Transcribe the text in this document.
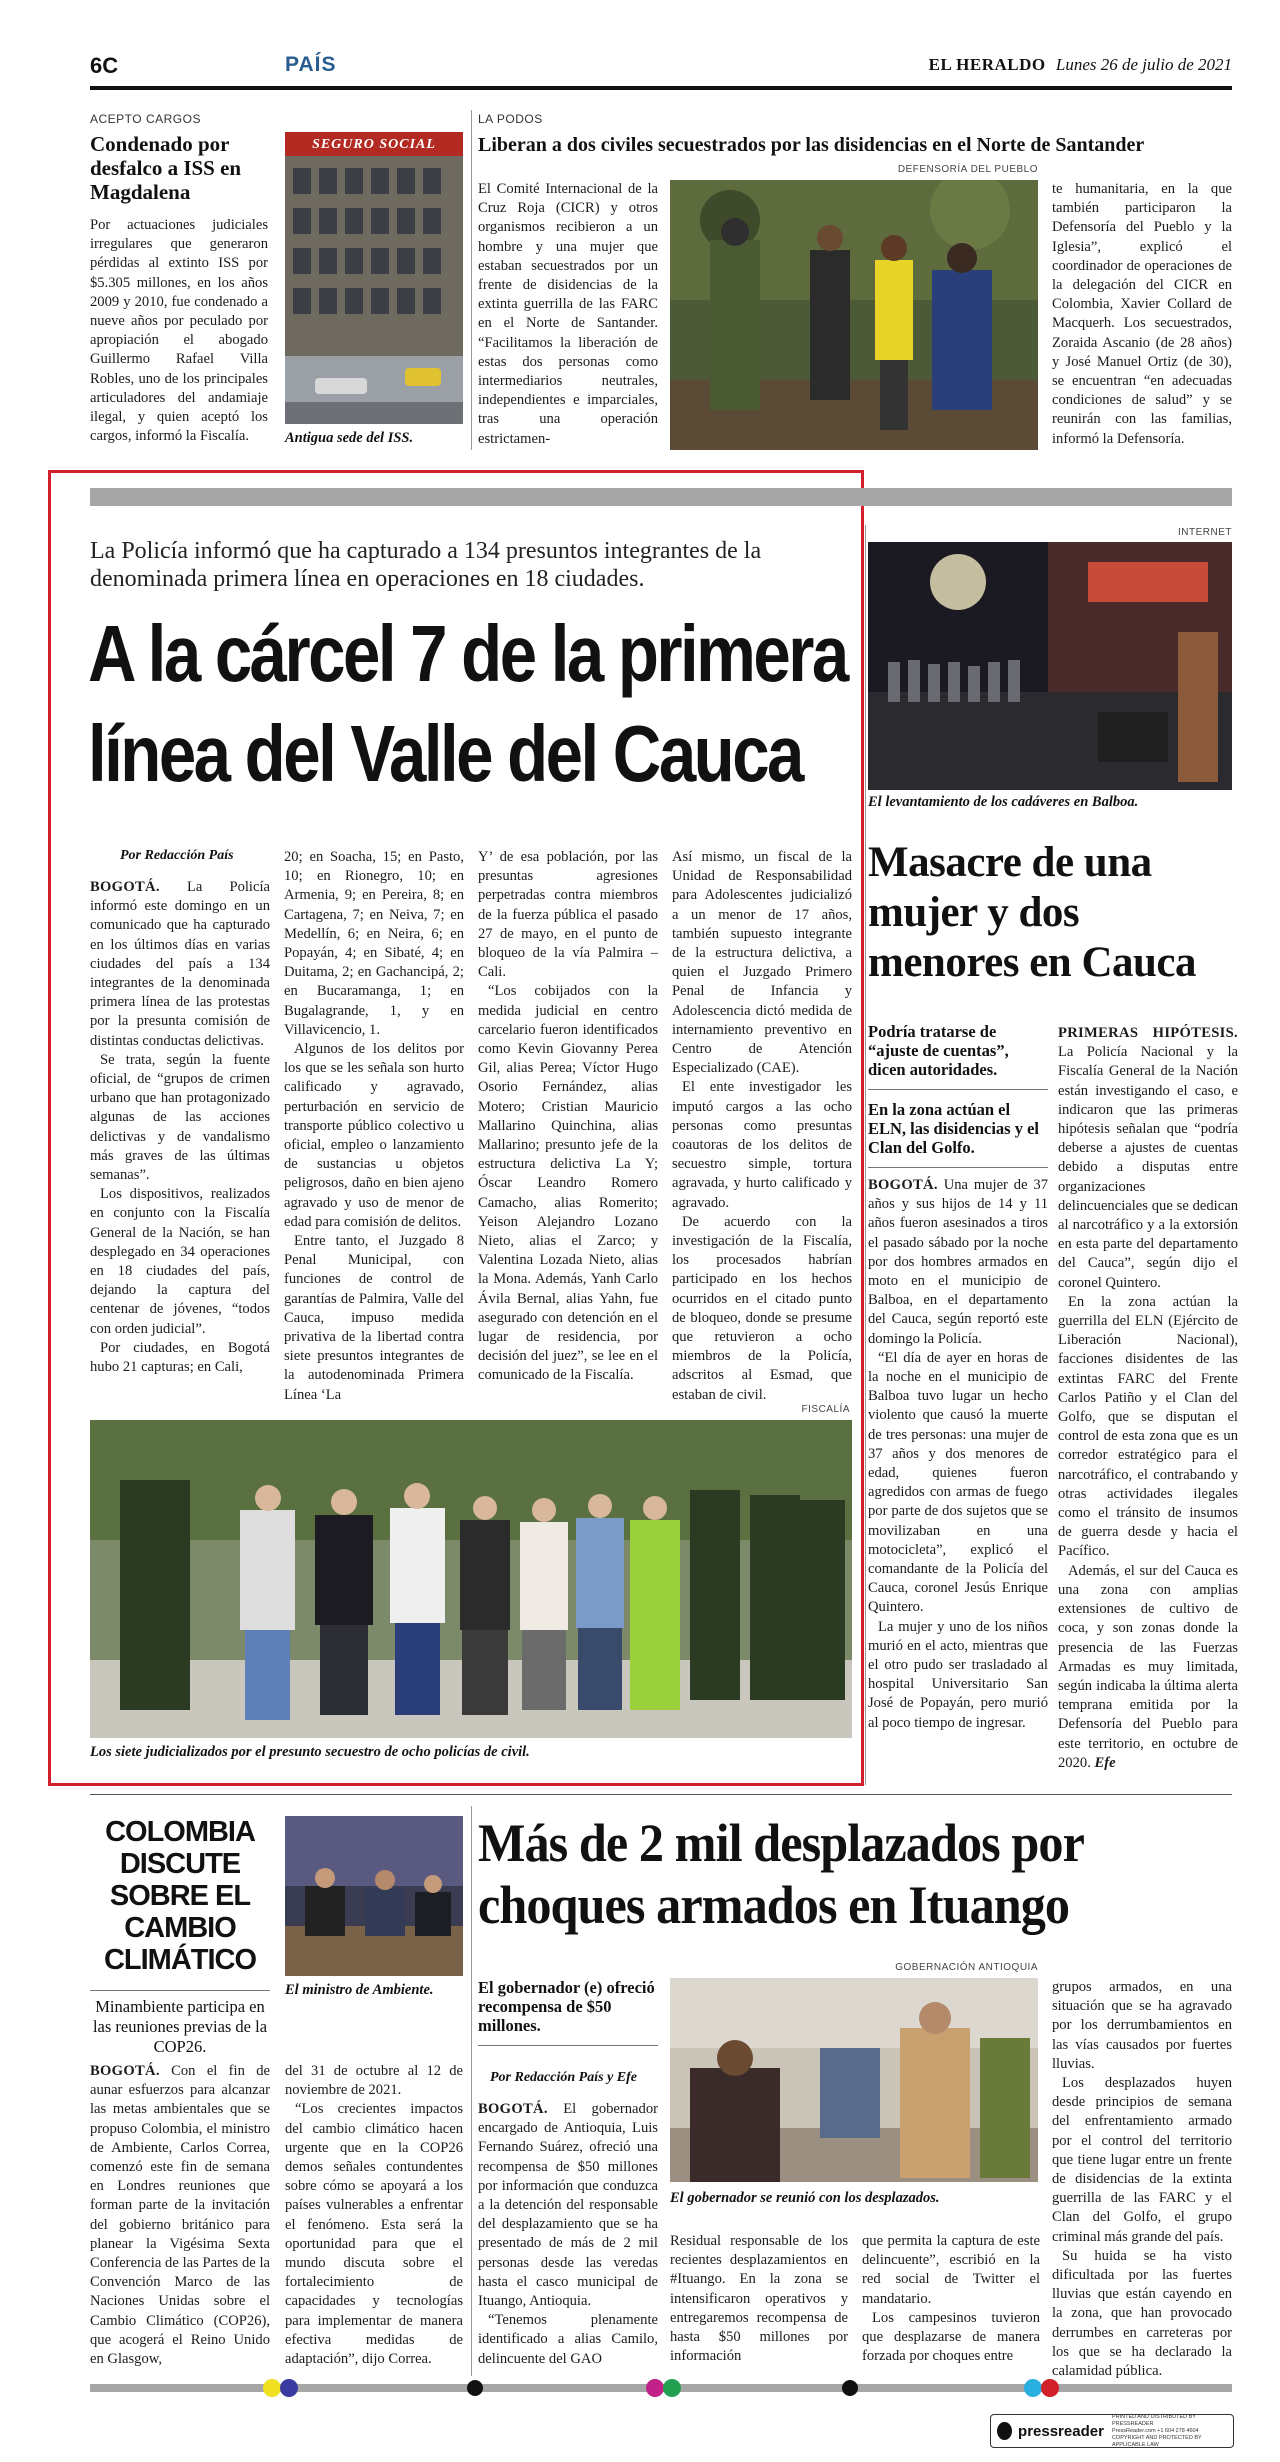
6C	PAÍS	EL HERALDO Lunes 26 de julio de 2021
ACEPTO CARGOS
Condenado por desfalco a ISS en Magdalena
Por actuaciones judiciales irregulares que generaron pérdidas al extinto ISS por $5.305 millones, en los años 2009 y 2010, fue condenado a nueve años por peculado por apropiación el abogado Guillermo Rafael Villa Robles, uno de los principales articuladores del andamiaje ilegal, y quien aceptó los cargos, informó la Fiscalía.
SEGURO SOCIAL
Antigua sede del ISS.
LA PODOS
Liberan a dos civiles secuestrados por las disidencias en el Norte de Santander
DEFENSORÍA DEL PUEBLO
El Comité Internacional de la Cruz Roja (CICR) y otros organismos recibieron a un hombre y una mujer que estaban secuestrados por un frente de disidencias de la extinta guerrilla de las FARC en el Norte de Santander. “Facilitamos la liberación de estas dos personas como intermediarios neutrales, independientes e imparciales, tras una operación estrictamen-
te humanitaria, en la que también participaron la Defensoría del Pueblo y la Iglesia”, explicó el coordinador de operaciones de la delegación del CICR en Colombia, Xavier Collard de Macquerh. Los secuestrados, Zoraida Ascanio (de 28 años) y José Manuel Ortiz (de 30), se encuentran “en adecuadas condiciones de salud” y se reunirán con las familias, informó la Defensoría.
La Policía informó que ha capturado a 134 presuntos integrantes de la denominada primera línea en operaciones en 18 ciudades.
A la cárcel 7 de la primera
línea del Valle del Cauca
Por Redacción País

BOGOTÁ. La Policía informó este domingo en un comunicado que ha capturado en los últimos días en varias ciudades del país a 134 integrantes de la denominada primera línea de las protestas por la presunta comisión de distintas conductas delictivas.

Se trata, según la fuente oficial, de “grupos de crimen urbano que han protagonizado algunas de las acciones delictivas y de vandalismo más graves de las últimas semanas”.

Los dispositivos, realizados en conjunto con la Fiscalía General de la Nación, se han desplegado en 34 operaciones en 18 ciudades del país, dejando la captura del centenar de jóvenes, “todos con orden judicial”.

Por ciudades, en Bogotá hubo 21 capturas; en Cali,

20; en Soacha, 15; en Pasto, 10; en Rionegro, 10; en Armenia, 9; en Pereira, 8; en Cartagena, 7; en Neiva, 7; en Medellín, 6; en Neira, 6; en Popayán, 4; en Sibaté, 4; en Duitama, 2; en Gachancipá, 2; en Bucaramanga, 1; en Bugalagrande, 1, y en Villavicencio, 1.

Algunos de los delitos por los que se les señala son hurto calificado y agravado, perturbación en servicio de transporte público colectivo u oficial, empleo o lanzamiento de sustancias u objetos peligrosos, daño en bien ajeno agravado y uso de menor de edad para comisión de delitos.

Entre tanto, el Juzgado 8 Penal Municipal, con funciones de control de garantías de Palmira, Valle del Cauca, impuso medida privativa de la libertad contra siete presuntos integrantes de la autodenominada Primera Línea ‘La

Y’ de esa población, por las presuntas agresiones perpetradas contra miembros de la fuerza pública el pasado 27 de mayo, en el punto de bloqueo de la vía Palmira – Cali.

“Los cobijados con la medida judicial en centro carcelario fueron identificados como Kevin Giovanny Perea Gil, alias Perea; Víctor Hugo Osorio Fernández, alias Motero; Cristian Mauricio Mallarino Quinchina, alias Mallarino; presunto jefe de la estructura delictiva La Y; Óscar Leandro Romero Camacho, alias Romerito; Yeison Alejandro Lozano Nieto, alias el Zarco; y Valentina Lozada Nieto, alias la Mona. Además, Yanh Carlo Ávila Bernal, alias Yahn, fue asegurado con detención en el lugar de residencia, por decisión del juez”, se lee en el comunicado de la Fiscalía.

Así mismo, un fiscal de la Unidad de Responsabilidad para Adolescentes judicializó a un menor de 17 años, también supuesto integrante de la estructura delictiva, a quien el Juzgado Primero Penal de Infancia y Adolescencia dictó medida de internamiento preventivo en Centro de Atención Especializado (CAE).

El ente investigador les imputó cargos a las ocho personas como presuntas coautoras de los delitos de secuestro simple, tortura agravada, y hurto calificado y agravado.

De acuerdo con la investigación de la Fiscalía, los procesados habrían participado en los hechos ocurridos en el citado punto de bloqueo, donde se presume que retuvieron a ocho miembros de la Policía, adscritos al Esmad, que estaban de civil.

FISCALÍA
Los siete judicializados por el presunto secuestro de ocho policías de civil.
INTERNET
El levantamiento de los cadáveres en Balboa.
Masacre de una mujer y dos menores en Cauca
Podría tratarse de “ajuste de cuentas”, dicen autoridades.
En la zona actúan el ELN, las disidencias y el Clan del Golfo.

BOGOTÁ. Una mujer de 37 años y sus hijos de 14 y 11 años fueron asesinados a tiros el pasado sábado por la noche por dos hombres armados en moto en el municipio de Balboa, en el departamento del Cauca, según reportó este domingo la Policía.

“El día de ayer en horas de la noche en el municipio de Balboa tuvo lugar un hecho violento que causó la muerte de tres personas: una mujer de 37 años y dos menores de edad, quienes fueron agredidos con armas de fuego por parte de dos sujetos que se movilizaban en una motocicleta”, explicó el comandante de la Policía del Cauca, coronel Jesús Enrique Quintero.

La mujer y uno de los niños murió en el acto, mientras que el otro pudo ser trasladado al hospital Universitario San José de Popayán, pero murió al poco tiempo de ingresar.

PRIMERAS HIPÓTESIS. La Policía Nacional y la Fiscalía General de la Nación están investigando el caso, e indicaron que las primeras hipótesis señalan que “podría deberse a ajustes de cuentas debido a disputas entre organizaciones delincuenciales que se dedican al narcotráfico y a la extorsión en esta parte del departamento del Cauca”, según dijo el coronel Quintero.

En la zona actúan la guerrilla del ELN (Ejército de Liberación Nacional), facciones disidentes de las extintas FARC del Frente Carlos Patiño y el Clan del Golfo, que se disputan el control de esta zona que es un corredor estratégico para el narcotráfico, el contrabando y otras actividades ilegales como el tránsito de insumos de guerra desde y hacia el Pacífico.

Además, el sur del Cauca es una zona con amplias extensiones de cultivo de coca, y son zonas donde la presencia de las Fuerzas Armadas es muy limitada, según indicaba la última alerta temprana emitida por la Defensoría del Pueblo para este territorio, en octubre de 2020. Efe

COLOMBIA DISCUTE SOBRE EL CAMBIO CLIMÁTICO
Minambiente participa en las reuniones previas de la COP26.
El ministro de Ambiente.

BOGOTÁ. Con el fin de aunar esfuerzos para alcanzar las metas ambientales que se propuso Colombia, el ministro de Ambiente, Carlos Correa, comenzó este fin de semana en Londres reuniones que forman parte de la invitación del gobierno británico para planear la Vigésima Sexta Conferencia de las Partes de la Convención Marco de las Naciones Unidas sobre el Cambio Climático (COP26), que acogerá el Reino Unido en Glasgow,

del 31 de octubre al 12 de noviembre de 2021.

“Los crecientes impactos del cambio climático hacen urgente que en la COP26 demos señales contundentes sobre cómo se apoyará a los países vulnerables a enfrentar el fenómeno. Esta será la oportunidad para que el mundo discuta sobre el fortalecimiento de capacidades y tecnologías para implementar de manera efectiva medidas de adaptación”, dijo Correa.

Más de 2 mil desplazados por
choques armados en Ituango
El gobernador (e) ofreció recompensa de $50 millones.
Por Redacción País y Efe

BOGOTÁ. El gobernador encargado de Antioquia, Luis Fernando Suárez, ofreció una recompensa de $50 millones por información que conduzca a la detención del responsable del desplazamiento que se ha presentado de más de 2 mil personas desde las veredas hasta el casco municipal de Ituango, Antioquia.

“Tenemos plenamente identificado a alias Camilo, delincuente del GAO

GOBERNACIÓN ANTIOQUIA
El gobernador se reunió con los desplazados.

Residual responsable de los recientes desplazamientos en #Ituango. En la zona se intensificaron operativos y entregaremos recompensa de hasta $50 millones por información

que permita la captura de este delincuente”, escribió en la red social de Twitter el mandatario.

Los campesinos tuvieron que desplazarse de manera forzada por choques entre

grupos armados, en una situación que se ha agravado por los derrumbamientos en las vías causados por fuertes lluvias.

Los desplazados huyen desde principios de semana del enfrentamiento armado por el control del territorio que tiene lugar entre un frente de disidencias de la extinta guerrilla de las FARC y el Clan del Golfo, el grupo criminal más grande del país.

Su huida se ha visto dificultada por las fuertes lluvias que están cayendo en la zona, que han provocado derrumbes en carreteras por los que se ha declarado la calamidad pública.

pressreader
PRINTED AND DISTRIBUTED BY PRESSREADER
PressReader.com +1 604 278 4604
COPYRIGHT AND PROTECTED BY APPLICABLE LAW
